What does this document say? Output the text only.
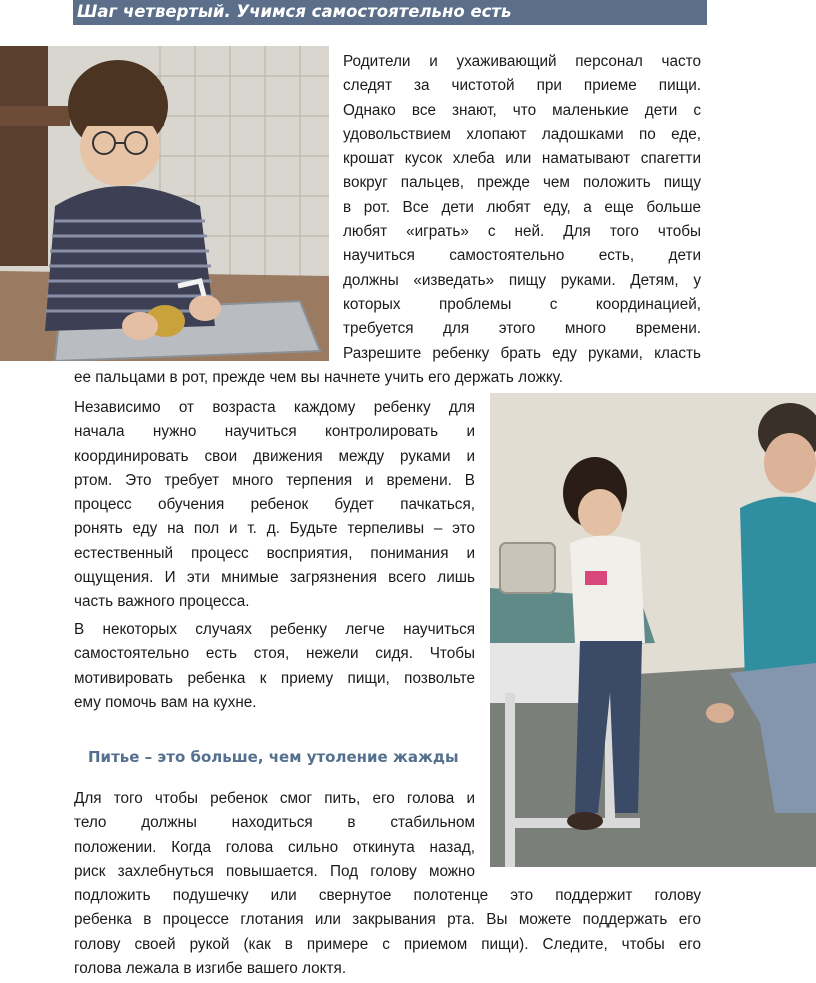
Шаг четвертый. Учимся самостоятельно есть
Родители и ухаживающий персонал часто
следят за чистотой при приеме пищи.
Однако все знают, что маленькие дети с
удовольствием хлопают ладошками по еде,
крошат кусок хлеба или наматывают спагетти
вокруг пальцев, прежде чем положить пищу
в рот. Все дети любят еду, а еще больше
любят «играть» с ней. Для того чтобы
научиться самостоятельно есть, дети
должны «изведать» пищу руками. Детям, у
которых проблемы с координацией,
требуется для этого много времени.
Разрешите ребенку брать еду руками, класть
ее пальцами в рот, прежде чем вы начнете учить его держать ложку.
Независимо от возраста каждому ребенку для
начала нужно научиться контролировать и
координировать свои движения между руками и
ртом. Это требует много терпения и времени. В
процесс обучения ребенок будет пачкаться,
ронять еду на пол и т. д. Будьте терпеливы – это
естественный процесс восприятия, понимания и
ощущения. И эти мнимые загрязнения всего лишь
часть важного процесса.
В некоторых случаях ребенку легче научиться
самостоятельно есть стоя, нежели сидя. Чтобы
мотивировать ребенка к приему пищи, позвольте
ему помочь вам на кухне.
Питье – это больше, чем утоление жажды
Для того чтобы ребенок смог пить, его голова и
тело должны находиться в стабильном
положении. Когда голова сильно откинута назад,
риск захлебнуться повышается. Под голову можно
подложить подушечку или свернутое полотенце это поддержит голову
ребенка в процессе глотания или закрывания рта. Вы можете поддержать его
голову своей рукой (как в примере с приемом пищи). Следите, чтобы его
голова лежала в изгибе вашего локтя.
